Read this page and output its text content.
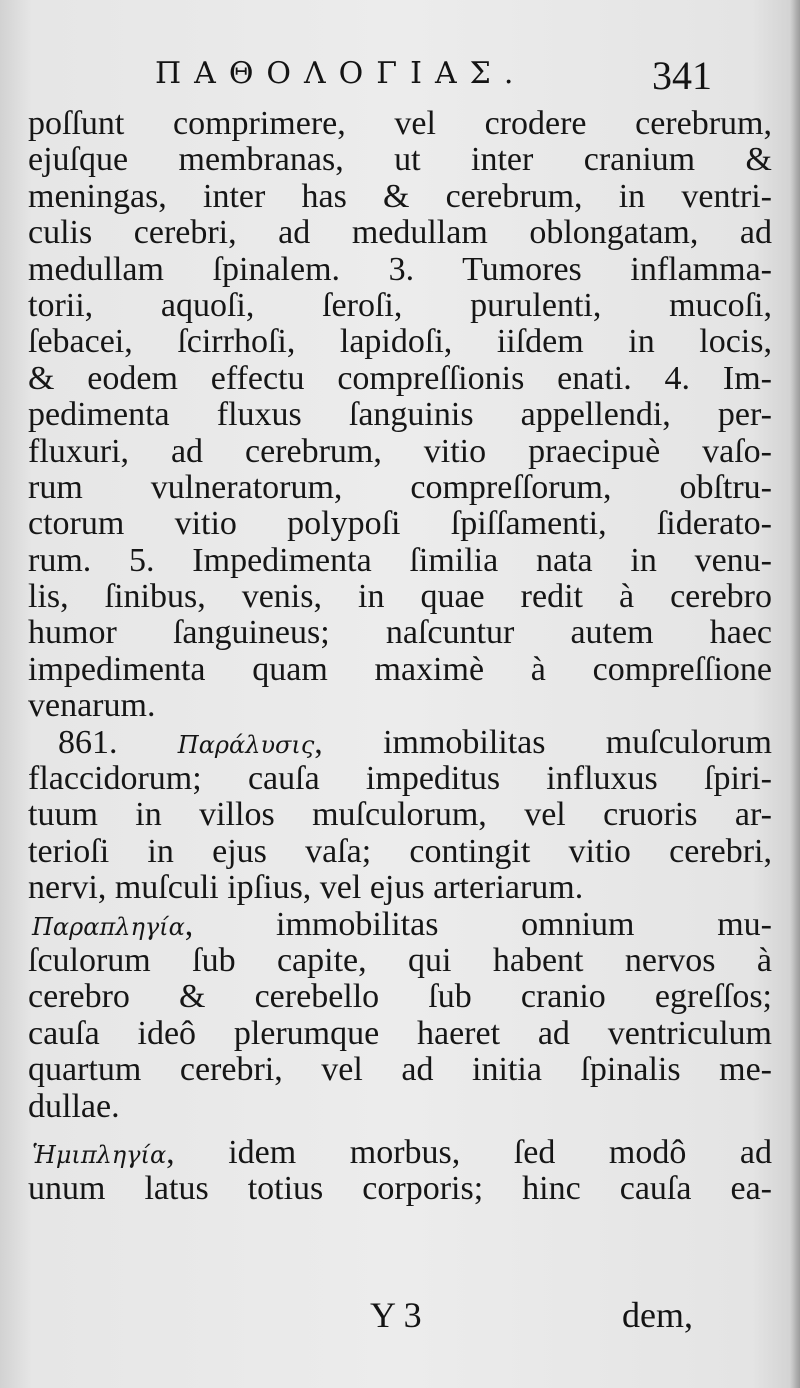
ΠΑΘΟΛΟΓΙΑΣ.	341
poſſunt comprimere, vel crodere cerebrum,
ejuſque membranas, ut inter cranium &
meningas, inter has & cerebrum, in ventri-
culis cerebri, ad medullam oblongatam, ad
medullam ſpinalem. 3. Tumores inflamma-
torii, aquoſi, ſeroſi, purulenti, mucoſi,
ſebacei, ſcirrhoſi, lapidoſi, iiſdem in locis,
& eodem effectu compreſſionis enati. 4. Im-
pedimenta fluxus ſanguinis appellendi, per-
fluxuri, ad cerebrum, vitio praecipuè vaſo-
rum vulneratorum, compreſſorum, obſtru-
ctorum vitio polypoſi ſpiſſamenti, ſiderato-
rum. 5. Impedimenta ſimilia nata in venu-
lis, ſinibus, venis, in quae redit à cerebro
humor ſanguineus; naſcuntur autem haec
impedimenta quam maximè à compreſſione
venarum.
861.	Παράλυσις, immobilitas muſculorum
flaccidorum; cauſa impeditus influxus ſpiri-
tuum in villos muſculorum, vel cruoris ar-
terioſi in ejus vaſa; contingit vitio cerebri,
nervi, muſculi ipſius, vel ejus arteriarum.
Παραπληγία, immobilitas omnium mu-
ſculorum ſub capite, qui habent nervos à
cerebro & cerebello ſub cranio egreſſos;
cauſa ideô plerumque haeret ad ventriculum
quartum cerebri, vel ad initia ſpinalis me-
dullae.
Ἡμιπληγία, idem morbus, ſed modô ad
unum latus totius corporis; hinc cauſa ea-
Y 3	dem,
